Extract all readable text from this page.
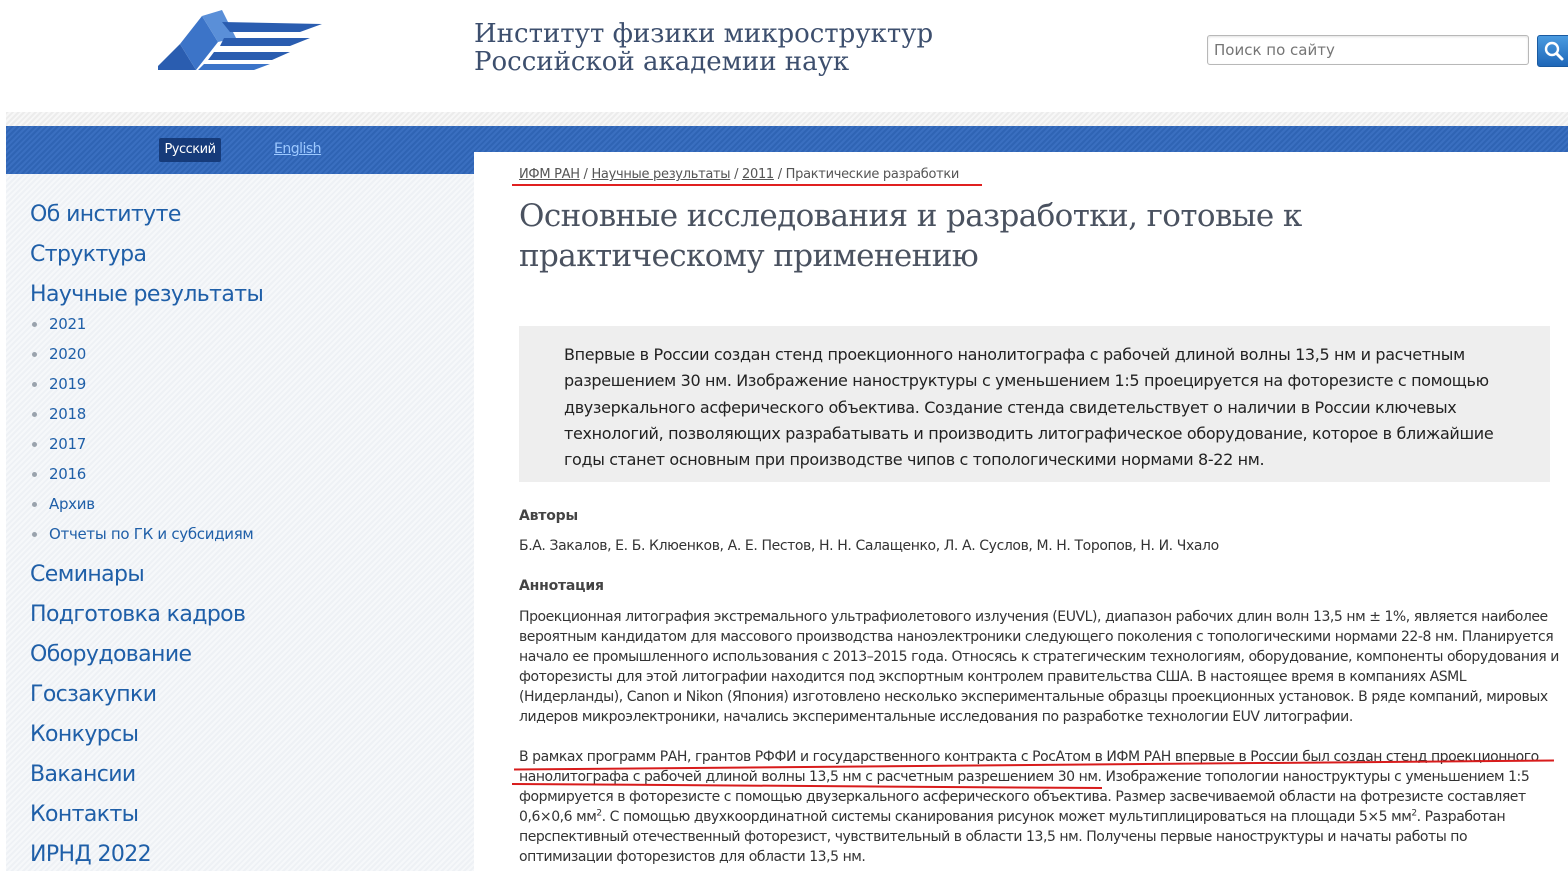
Институт физики микроструктур
Российской академии наук
Поиск по сайту
Русский	English
Об институте
Структура
Научные результаты
2021
2020
2019
2018
2017
2016
Архив
Отчеты по ГК и субсидиям
Семинары
Подготовка кадров
Оборудование
Госзакупки
Конкурсы
Вакансии
Контакты
ИРНД 2022
ИФМ РАН / Научные результаты / 2011 / Практические разработки
Основные исследования и разработки, готовые к практическому применению
Впервые в России создан стенд проекционного нанолитографа с рабочей длиной волны 13,5 нм и расчетным разрешением 30 нм. Изображение наноструктуры с уменьшением 1:5 проецируется на фоторезисте с помощью двузеркального асферического объектива. Создание стенда свидетельствует о наличии в России ключевых технологий, позволяющих разрабатывать и производить литографическое оборудование, которое в ближайшие годы станет основным при производстве чипов с топологическими нормами 8-22 нм.
Авторы
Б.А. Закалов, Е. Б. Клюенков, А. Е. Пестов, Н. Н. Салащенко, Л. А. Суслов, М. Н. Торопов, Н. И. Чхало
Аннотация
Проекционная литография экстремального ультрафиолетового излучения (EUVL), диапазон рабочих длин волн 13,5 нм ± 1%, является наиболее вероятным кандидатом для массового производства наноэлектроники следующего поколения с топологическими нормами 22-8 нм. Планируется начало ее промышленного использования с 2013–2015 года. Относясь к стратегическим технологиям, оборудование, компоненты оборудования и фоторезисты для этой литографии находится под экспортным контролем правительства США. В настоящее время в компаниях ASML (Нидерланды), Canon и Nikon (Япония) изготовлено несколько экспериментальные образцы проекционных установок. В ряде компаний, мировых лидеров микроэлектроники, начались экспериментальные исследования по разработке технологии EUV литографии.
В рамках программ РАН, грантов РФФИ и государственного контракта с РосАтом в ИФМ РАН впервые в России был создан стенд проекционного нанолитографа с рабочей длиной волны 13,5 нм с расчетным разрешением 30 нм. Изображение топологии наноструктуры с уменьшением 1:5 формируется в фоторезисте с помощью двузеркального асферического объектива. Размер засвечиваемой области на фотрезисте составляет 0,6×0,6 $мм^2$. С помощью двухкоординатной системы сканирования рисунок может мультиплицироваться на площади 5×5 $мм^2$. Разработан перспективный отечественный фоторезист, чувствительный в области 13,5 нм. Получены первые наноструктуры и начаты работы по оптимизации фоторезистов для области 13,5 нм.
